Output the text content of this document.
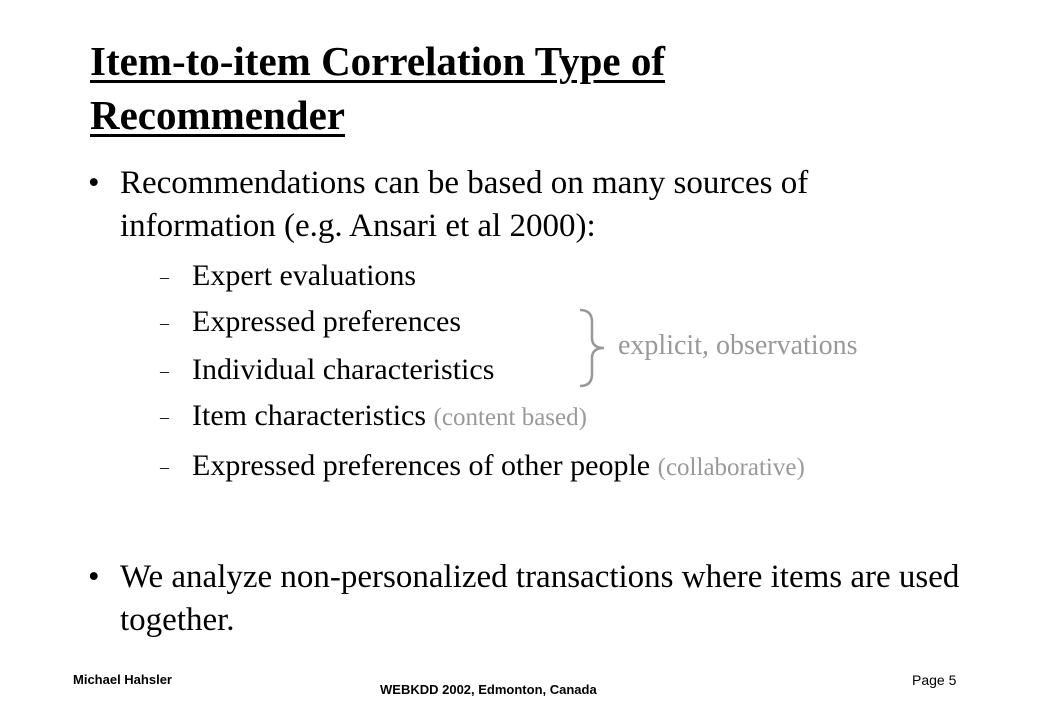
Item-to-item Correlation Type of
Recommender
• Recommendations can be based on many sources of information (e.g. Ansari et al 2000):
– Expert evaluations
– Expressed preferences
– Individual characteristics
– Item characteristics (content based)
– Expressed preferences of other people (collaborative)
explicit, observations
• We analyze non-personalized transactions where items are used together.
Michael Hahsler
WEBKDD 2002, Edmonton, Canada
Page 5
